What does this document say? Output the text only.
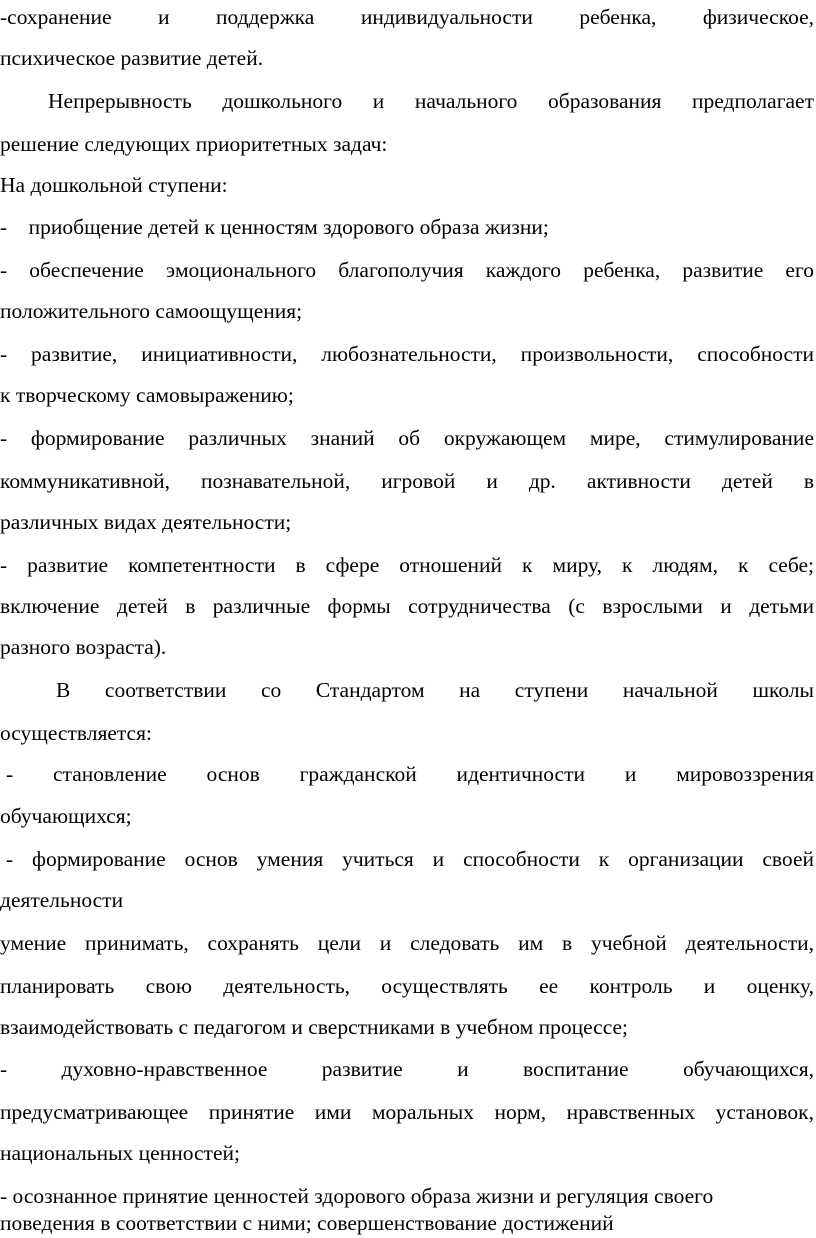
-сохранение и поддержка индивидуальности ребенка, физическое,
психическое развитие детей.
Непрерывность дошкольного и начального образования предполагает
решение следующих приоритетных задач:
На дошкольной ступени:
-    приобщение детей к ценностям здорового образа жизни;
- обеспечение эмоционального благополучия каждого ребенка, развитие его
положительного самоощущения;
- развитие, инициативности, любознательности, произвольности, способности
к творческому самовыражению;
- формирование различных знаний об окружающем мире, стимулирование
коммуникативной, познавательной, игровой и др. активности детей в
различных видах деятельности;
- развитие компетентности в сфере отношений к миру, к людям, к себе;
включение детей в различные формы сотрудничества (с взрослыми и детьми
разного возраста).
В соответствии со Стандартом на ступени начальной школы
осуществляется:
- становление основ гражданской идентичности и мировоззрения
обучающихся;
- формирование основ умения учиться и способности к организации своей
деятельности
умение принимать, сохранять цели и следовать им в учебной деятельности,
планировать свою деятельность, осуществлять ее контроль и оценку,
взаимодействовать с педагогом и сверстниками в учебном процессе;
- духовно-нравственное развитие и воспитание обучающихся,
предусматривающее принятие ими моральных норм, нравственных установок,
национальных ценностей;
- осознанное принятие ценностей здорового образа жизни и регуляция своего
поведения в соответствии с ними; совершенствование достижений
